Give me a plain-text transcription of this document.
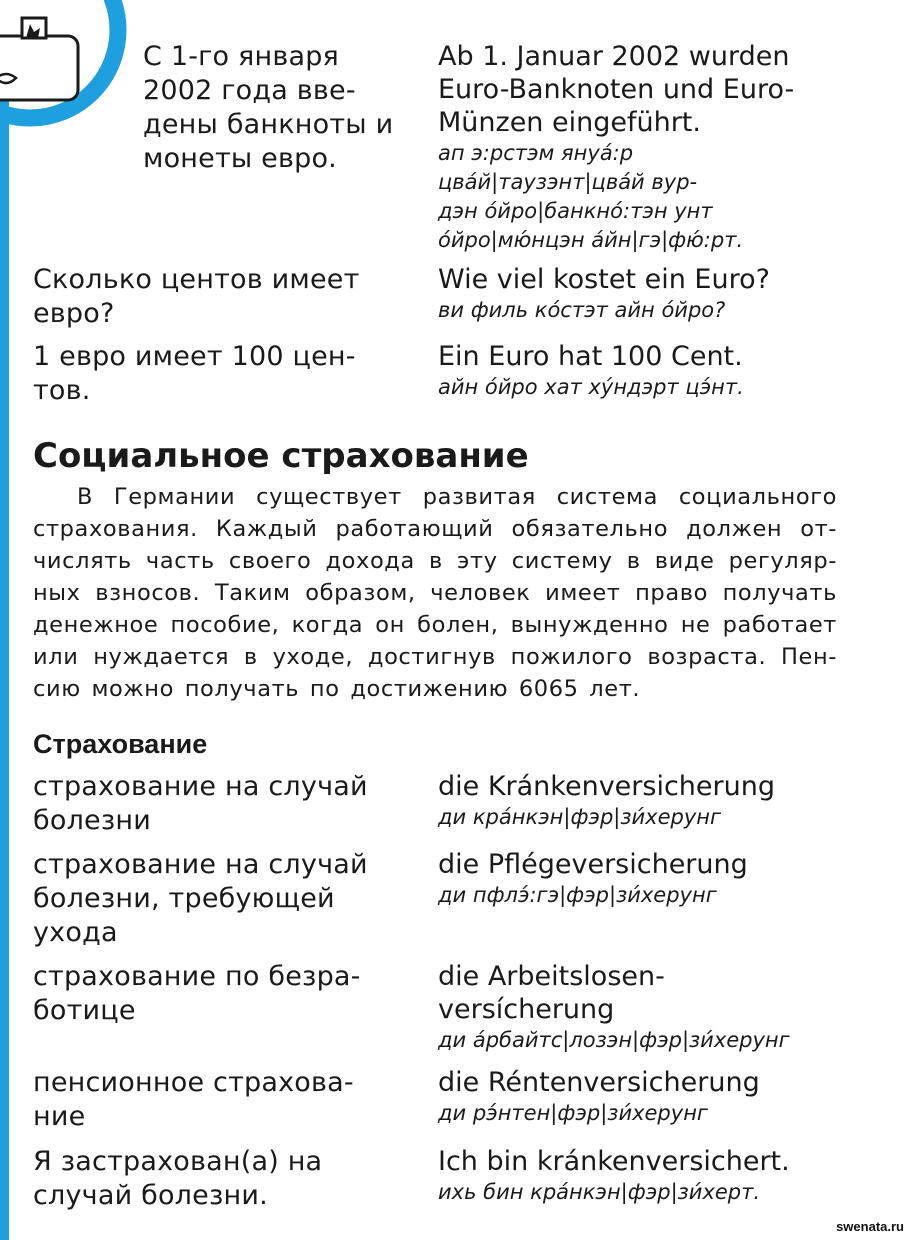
С 1-го января
2002 года вве-
дены банкноты и
монеты евро.
Ab 1. Januar 2002 wurden
Euro-Banknoten und Euro-
Münzen eingeführt.
ап э:рстэм януа́:р
цва́й|таузэнт|цва́й вур-
дэн о́йро|банкно́:тэн унт
о́йро|мю́нцэн а́йн|гэ|фю́:рт.
Сколько центов имеет
евро?
Wie viel kostet ein Euro?
ви филь ко́стэт айн о́йро?
1 евро имеет 100 цен-
тов.
Ein Euro hat 100 Cent.
айн о́йро хат ху́ндэрт цэ́нт.
Социальное страхование
В Германии существует развитая система социального страхования. Каждый работающий обязательно должен от- числять часть своего дохода в эту систему в виде регуляр- ных взносов. Таким образом, человек имеет право получать денежное пособие, когда он болен, вынужденно не работает или нуждается в уходе, достигнув пожилого возраста. Пен- сию можно получать по достижению 6065 лет.
Страхование
страхование на случай
болезни
die Kránkenversicherung
ди кра́нкэн|фэр|зи́херунг
страхование на случай
болезни, требующей
ухода
die Pflégeversicherung
ди пфлэ́:гэ|фэр|зи́херунг
страхование по безра-
ботице
die Arbeitslosen-
versícherung
ди а́рбайтс|лозэн|фэр|зи́херунг
пенсионное страхова-
ние
die Réntenversicherung
ди рэ́нтен|фэр|зи́херунг
Я застрахован(а) на
случай болезни.
Ich bin kránkenversichert.
ихь бин кра́нкэн|фэр|зи́херт.
swenata.ru
